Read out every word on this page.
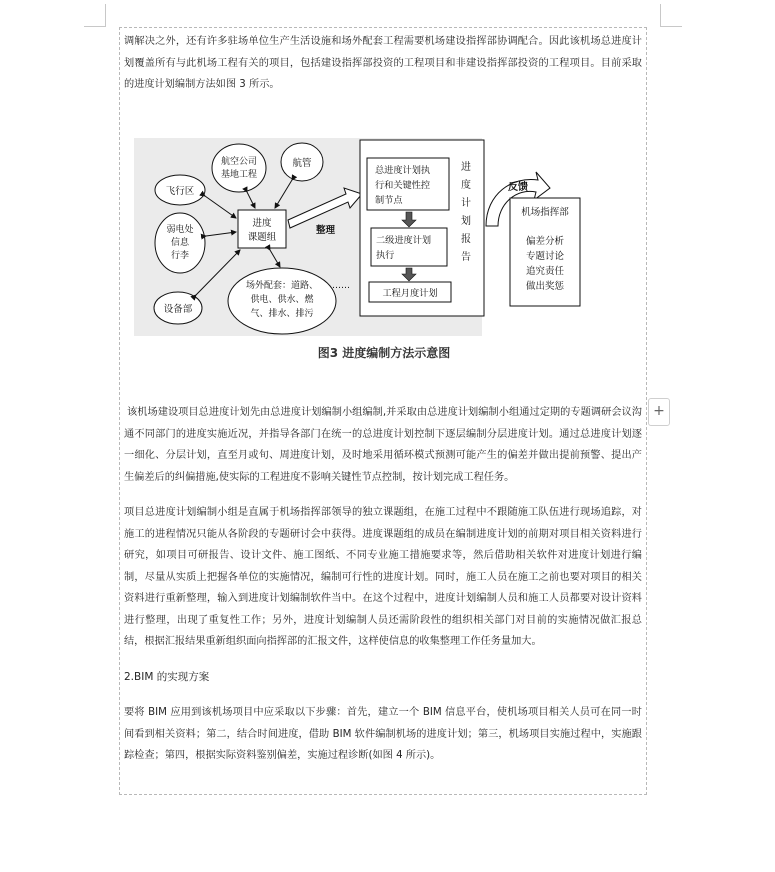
调解决之外，还有许多驻场单位生产生活设施和场外配套工程需要机场建设指挥部协调配合。因此该机场总进度计划覆盖所有与此机场工程有关的项目，包括建设指挥部投资的工程项目和非建设指挥部投资的工程项目。目前采取的进度计划编制方法如图 3 所示。

进度
课题组
航空公司
基地工程
航管
飞行区
弱电处
信息
行李
设备部
场外配套：道路、
供电、供水、燃
气、排水、排污
……
整理
总进度计划执
行和关键性控
制节点
二级进度计划
执行
工程月度计划
进
度
计
划
报
告
反馈
机场指挥部
偏差分析
专题讨论
追究责任
做出奖惩
图3 进度编制方法示意图

该机场建设项目总进度计划先由总进度计划编制小组编制,并采取由总进度计划编制小组通过定期的专题调研会议沟通不同部门的进度实施近况，并指导各部门在统一的总进度计划控制下逐层编制分层进度计划。通过总进度计划逐一细化、分层计划，直至月或旬、周进度计划，及时地采用循环模式预测可能产生的偏差并做出提前预警、提出产生偏差后的纠偏措施,使实际的工程进度不影响关键性节点控制，按计划完成工程任务。

项目总进度计划编制小组是直属于机场指挥部领导的独立课题组，在施工过程中不跟随施工队伍进行现场追踪，对施工的进程情况只能从各阶段的专题研讨会中获得。进度课题组的成员在编制进度计划的前期对项目相关资料进行研究，如项目可研报告、设计文件、施工图纸、不同专业施工措施要求等，然后借助相关软件对进度计划进行编制，尽量从实质上把握各单位的实施情况，编制可行性的进度计划。同时，施工人员在施工之前也要对项目的相关资料进行重新整理，输入到进度计划编制软件当中。在这个过程中，进度计划编制人员和施工人员都要对设计资料进行整理，出现了重复性工作；另外，进度计划编制人员还需阶段性的组织相关部门对目前的实施情况做汇报总结，根据汇报结果重新组织面向指挥部的汇报文件，这样使信息的收集整理工作任务量加大。

2.BIM 的实现方案

要将 BIM 应用到该机场项目中应采取以下步骤：首先，建立一个 BIM 信息平台，使机场项目相关人员可在同一时间看到相关资料；第二，结合时间进度，借助 BIM 软件编制机场的进度计划；第三，机场项目实施过程中，实施跟踪检查；第四，根据实际资料鉴别偏差，实施过程诊断(如图 4 所示)。

+
